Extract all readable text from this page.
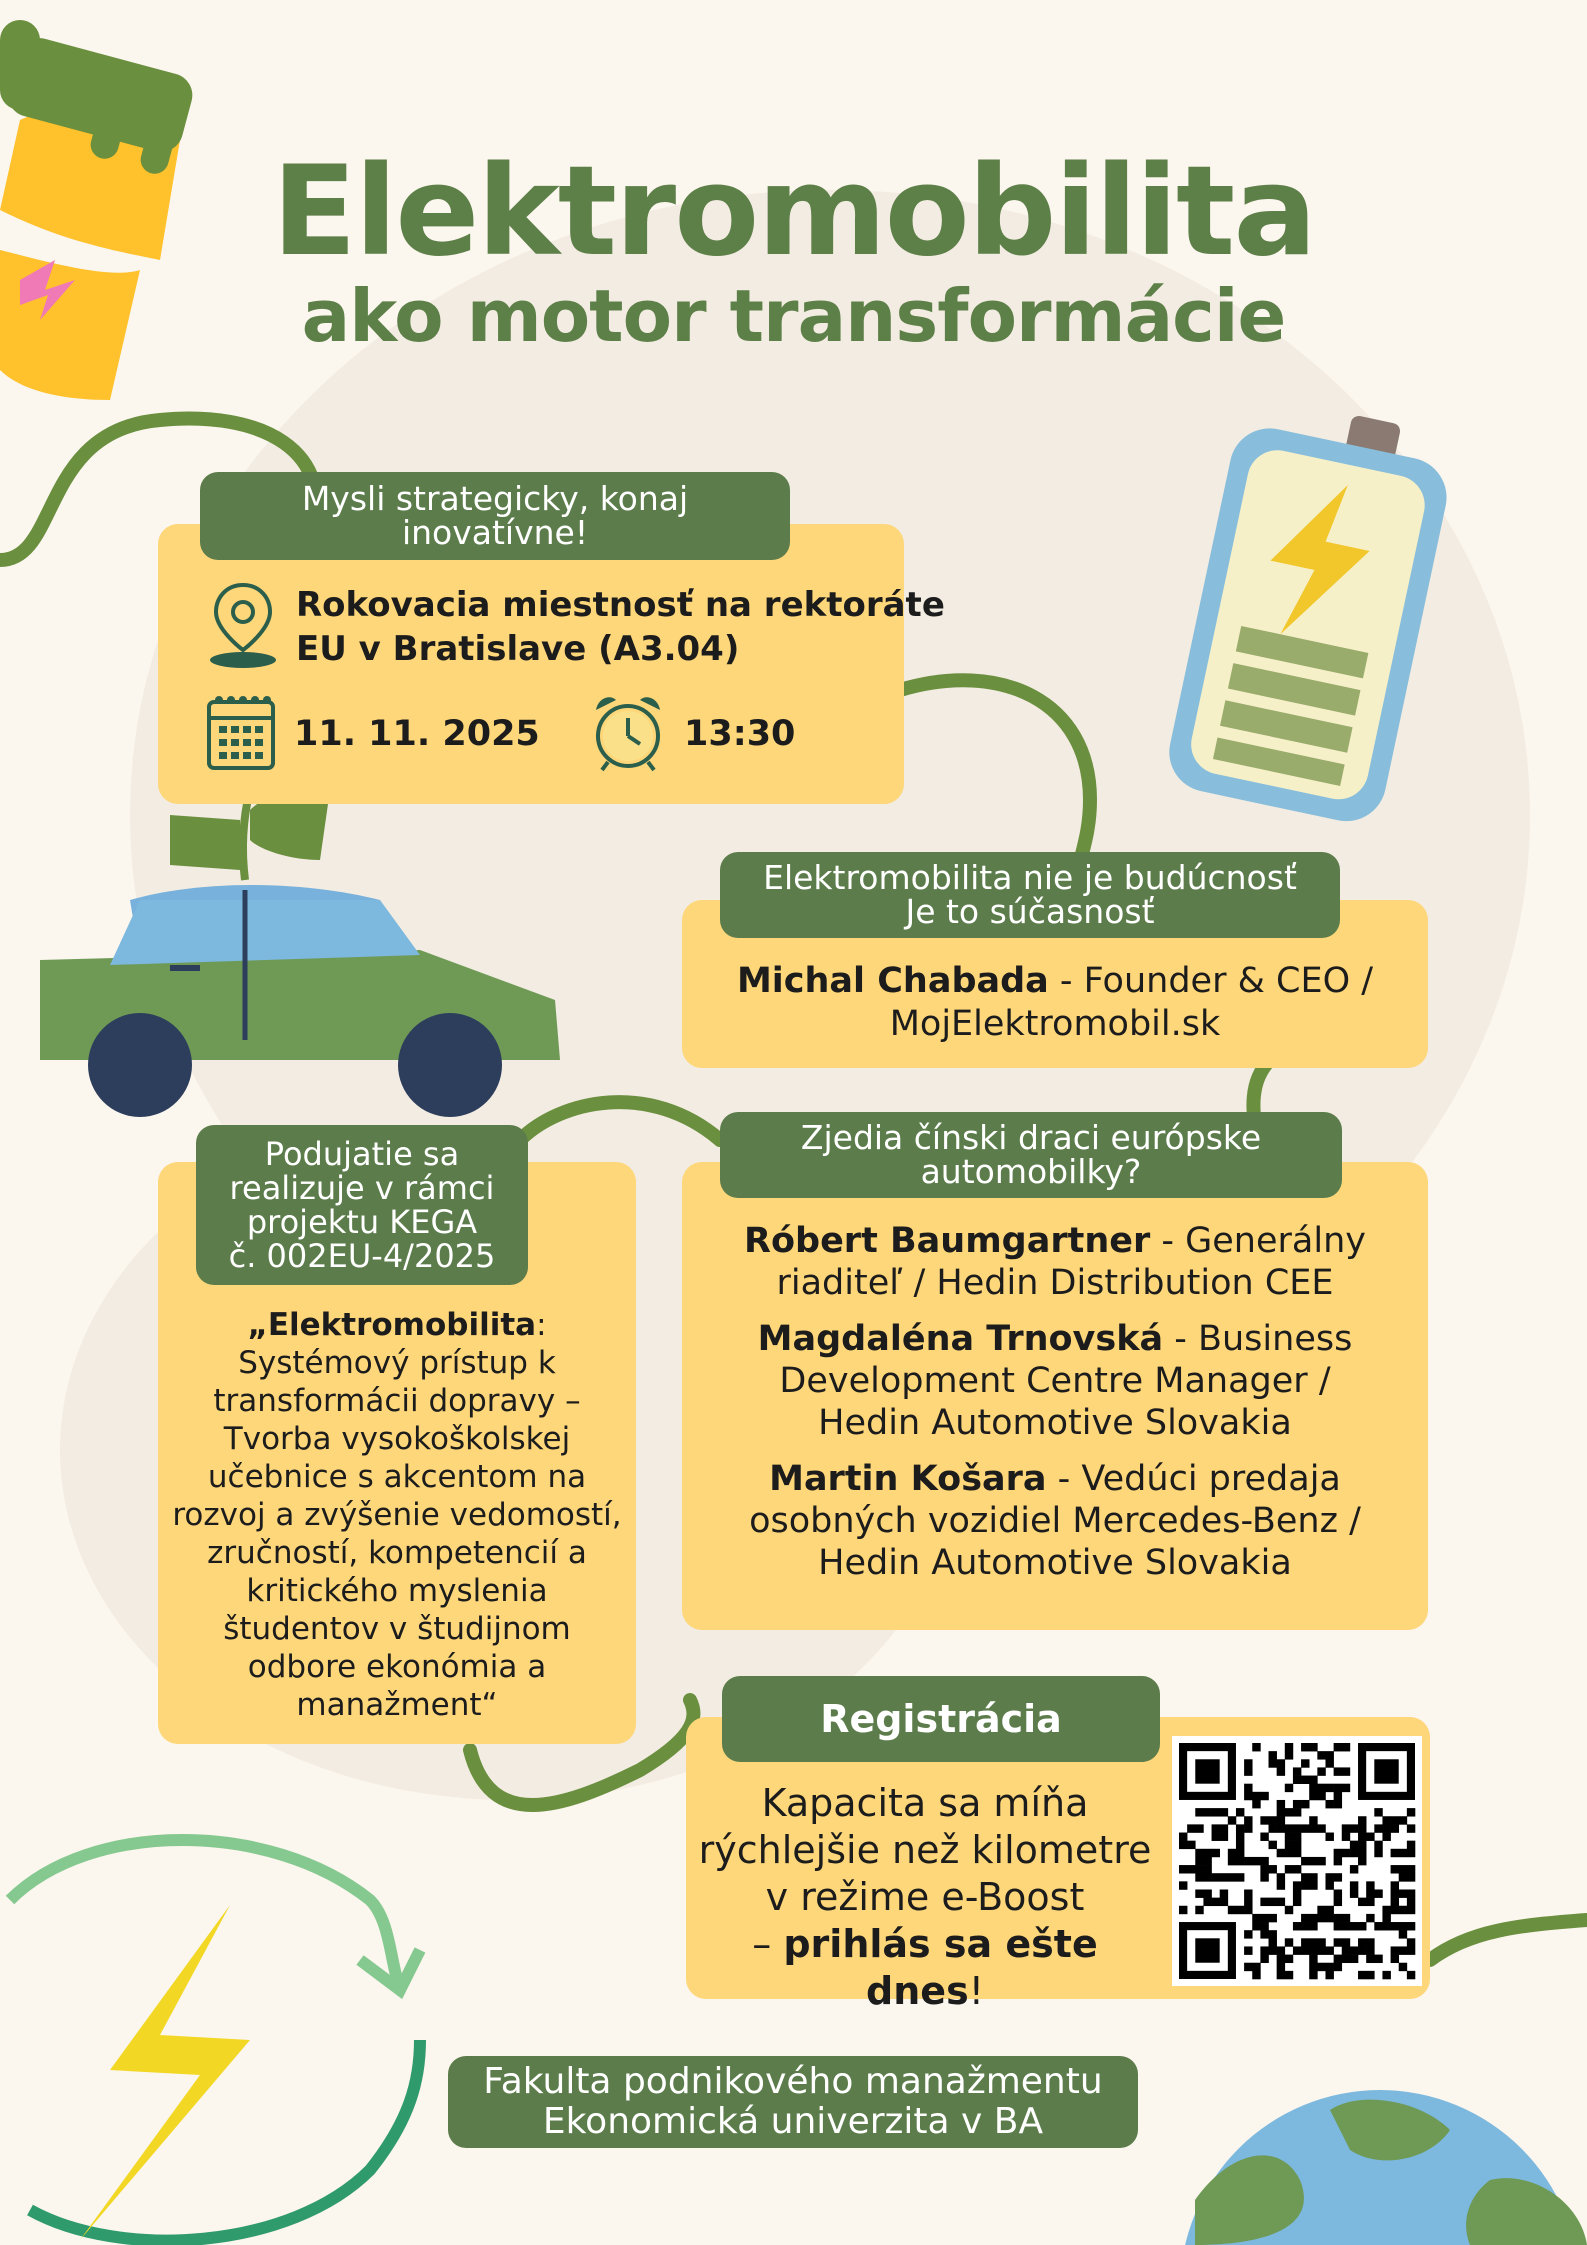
Elektromobilita
ako motor transformácie
Mysli strategicky, konaj
inovatívne!
Rokovacia miestnosť na rektoráte
EU v Bratislave (A3.04)
11. 11. 2025	13:30
Elektromobilita nie je budúcnosť
Je to súčasnosť
Michal Chabada - Founder & CEO /
MojElektromobil.sk
Zjedia čínski draci európske
automobilky?
Róbert Baumgartner - Generálny
riaditeľ / Hedin Distribution CEE
Magdaléna Trnovská - Business
Development Centre Manager /
Hedin Automotive Slovakia
Martin Košara - Vedúci predaja
osobných vozidiel Mercedes-Benz /
Hedin Automotive Slovakia
Podujatie sa
realizuje v rámci
projektu KEGA
č. 002EU-4/2025
„Elektromobilita:
Systémový prístup k
transformácii dopravy –
Tvorba vysokoškolskej
učebnice s akcentom na
rozvoj a zvýšenie vedomostí,
zručností, kompetencií a
kritického myslenia
študentov v študijnom
odbore ekonómia a
manažment“	Registrácia
Kapacita sa míňa
rýchlejšie než kilometre
v režime e-Boost
– prihlás sa ešte dnes!
Fakulta podnikového manažmentu
Ekonomická univerzita v BA
